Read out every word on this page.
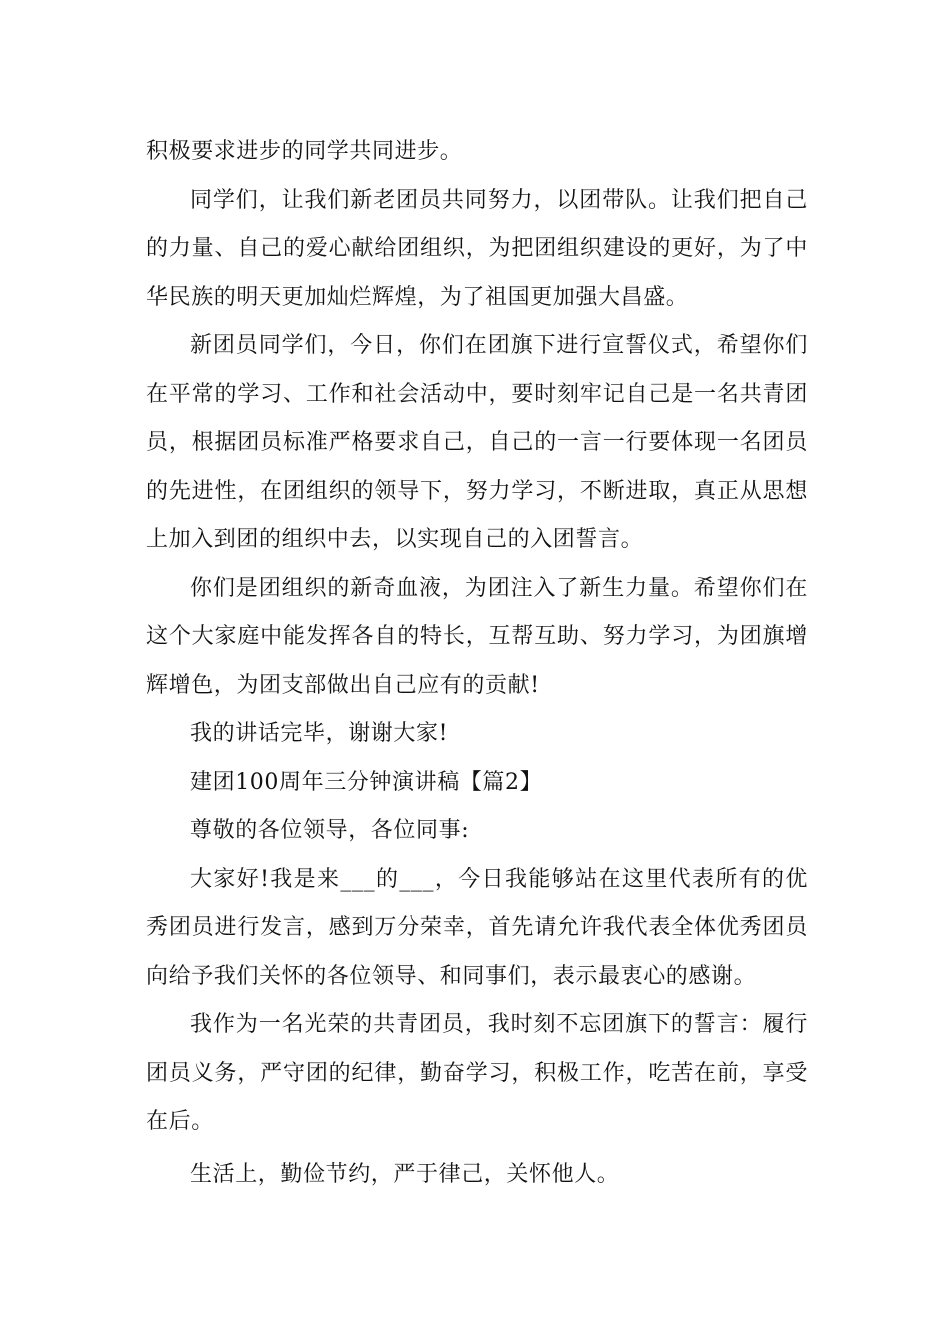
积极要求进步的同学共同进步。

同学们，让我们新老团员共同努力，以团带队。让我们把自己的力量、自己的爱心献给团组织，为把团组织建设的更好，为了中华民族的明天更加灿烂辉煌，为了祖国更加强大昌盛。

新团员同学们，今日，你们在团旗下进行宣誓仪式，希望你们在平常的学习、工作和社会活动中，要时刻牢记自己是一名共青团员，根据团员标准严格要求自己，自己的一言一行要体现一名团员的先进性，在团组织的领导下，努力学习，不断进取，真正从思想上加入到团的组织中去，以实现自己的入团誓言。

你们是团组织的新奇血液，为团注入了新生力量。希望你们在这个大家庭中能发挥各自的特长，互帮互助、努力学习，为团旗增辉增色，为团支部做出自己应有的贡献!

我的讲话完毕，谢谢大家!

建团100周年三分钟演讲稿【篇2】

尊敬的各位领导，各位同事:

大家好!我是来___的___，今日我能够站在这里代表所有的优秀团员进行发言，感到万分荣幸，首先请允许我代表全体优秀团员向给予我们关怀的各位领导、和同事们，表示最衷心的感谢。

我作为一名光荣的共青团员，我时刻不忘团旗下的誓言：履行团员义务，严守团的纪律，勤奋学习，积极工作，吃苦在前，享受在后。

生活上，勤俭节约，严于律己，关怀他人。
